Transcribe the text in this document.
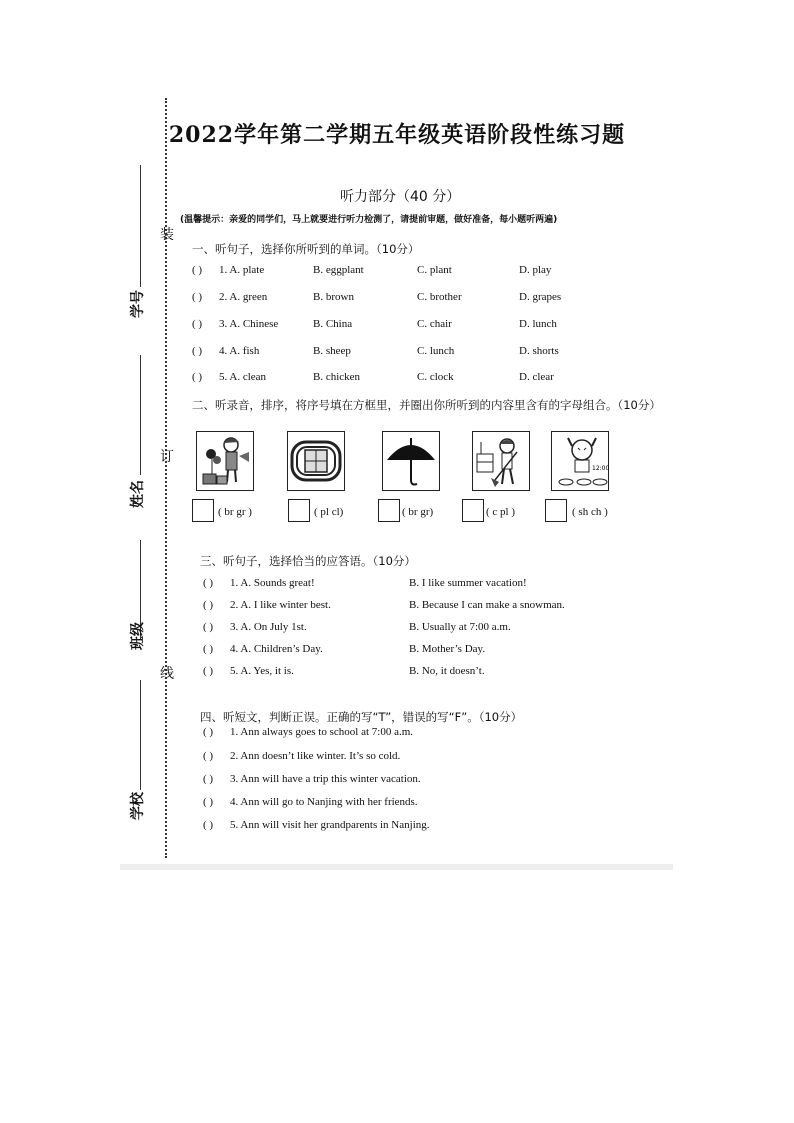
装
订
线
学号
姓名
班级
学校
2022学年第二学期五年级英语阶段性练习题
听力部分（40 分）
(温馨提示：亲爱的同学们，马上就要进行听力检测了，请提前审题，做好准备，每小题听两遍)
一、听句子，选择你所听到的单词。（10分）
( ) 1. A. plate	B. eggplant	C. plant	D. play
( ) 2. A. green	B. brown	C. brother	D. grapes
( ) 3. A. Chinese	B. China	C. chair	D. lunch
( ) 4. A. fish	B. sheep	C. lunch	D. shorts
( ) 5. A. clean	B. chicken	C. clock	D. clear
二、听录音，排序，将序号填在方框里，并圈出你所听到的内容里含有的字母组合。（10分）
12:00
( br gr )	( pl cl)	( br gr)	( c pl )	( sh ch )
三、听句子，选择恰当的应答语。（10分）
( ) 1. A. Sounds great!	B. I like summer vacation!
( ) 2. A. I like winter best.	B. Because I can make a snowman.
( ) 3. A. On July 1st.	B. Usually at 7:00 a.m.
( ) 4. A. Children’s Day.	B. Mother’s Day.
( ) 5. A. Yes, it is.	B. No, it doesn’t.
四、听短文，判断正误。正确的写“T”，错误的写“F”。（10分）
( ) 1. Ann always goes to school at 7:00 a.m.
( ) 2. Ann doesn’t like winter. It’s so cold.
( ) 3. Ann will have a trip this winter vacation.
( ) 4. Ann will go to Nanjing with her friends.
( ) 5. Ann will visit her grandparents in Nanjing.
